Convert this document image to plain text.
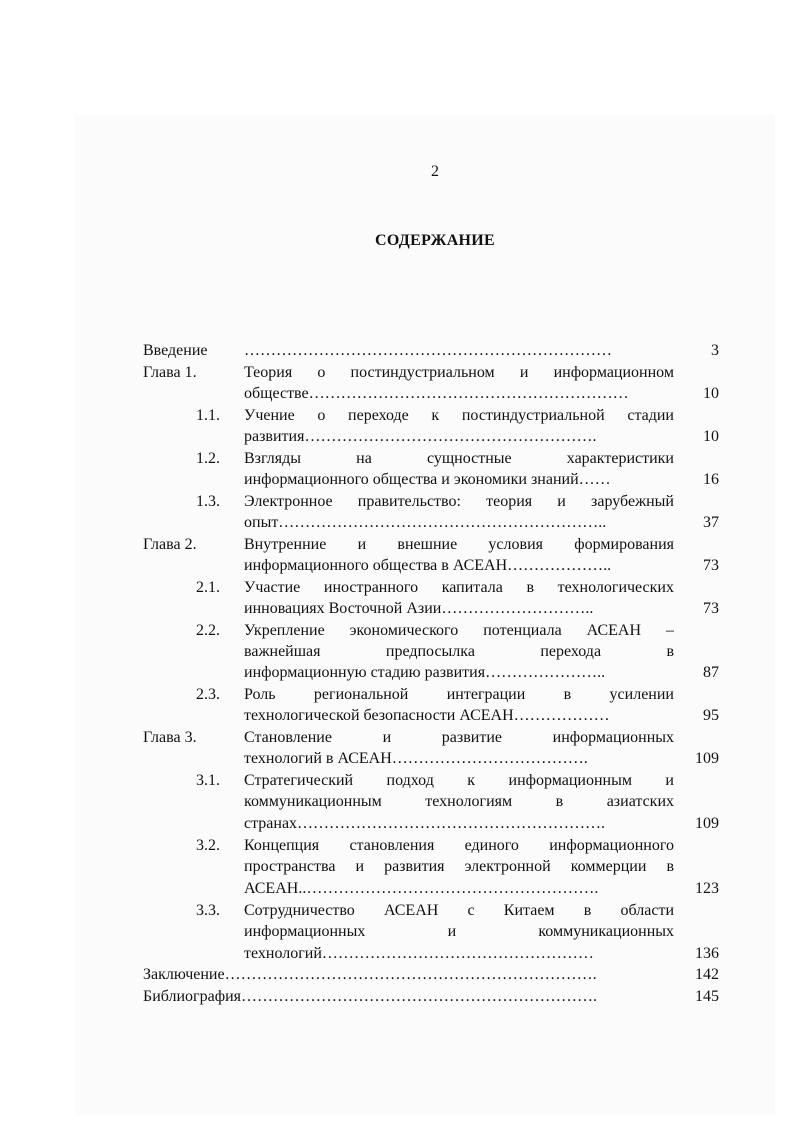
2
СОДЕРЖАНИЕ
Введение ……………………………………………………………	3
Глава 1.	Теория о постиндустриальном и информационном
обществе……………………………………………………	10
1.1. Учение о переходе к постиндустриальной стадии
развития……………………………………………….	10
1.2. Взгляды на сущностные характеристики
информационного общества и экономики знаний……	16
1.3. Электронное правительство: теория и зарубежный
опыт……………………………………………………..	37
Глава 2.	Внутренние и внешние условия формирования
информационного общества в АСЕАН………………..	73
2.1. Участие иностранного капитала в технологических
инновациях Восточной Азии………………………..	73
2.2. Укрепление экономического потенциала АСЕАН –
важнейшая предпосылка перехода в
информационную стадию развития…………………..	87
2.3. Роль региональной интеграции в усилении
технологической безопасности АСЕАН………………	95
Глава 3.	Становление и развитие информационных
технологий в АСЕАН……………………………….	109
3.1. Стратегический подход к информационным и
коммуникационным технологиям в азиатских
странах………………………………………………….	109
3.2. Концепция становления единого информационного
пространства и развития электронной коммерции в
АСЕАН..……………………………………………….	123
3.3. Сотрудничество АСЕАН с Китаем в области
информационных и коммуникационных
технологий……………………………………………	136
Заключение…………………………………………………………….	142
Библиография………………………………………………………….	145
